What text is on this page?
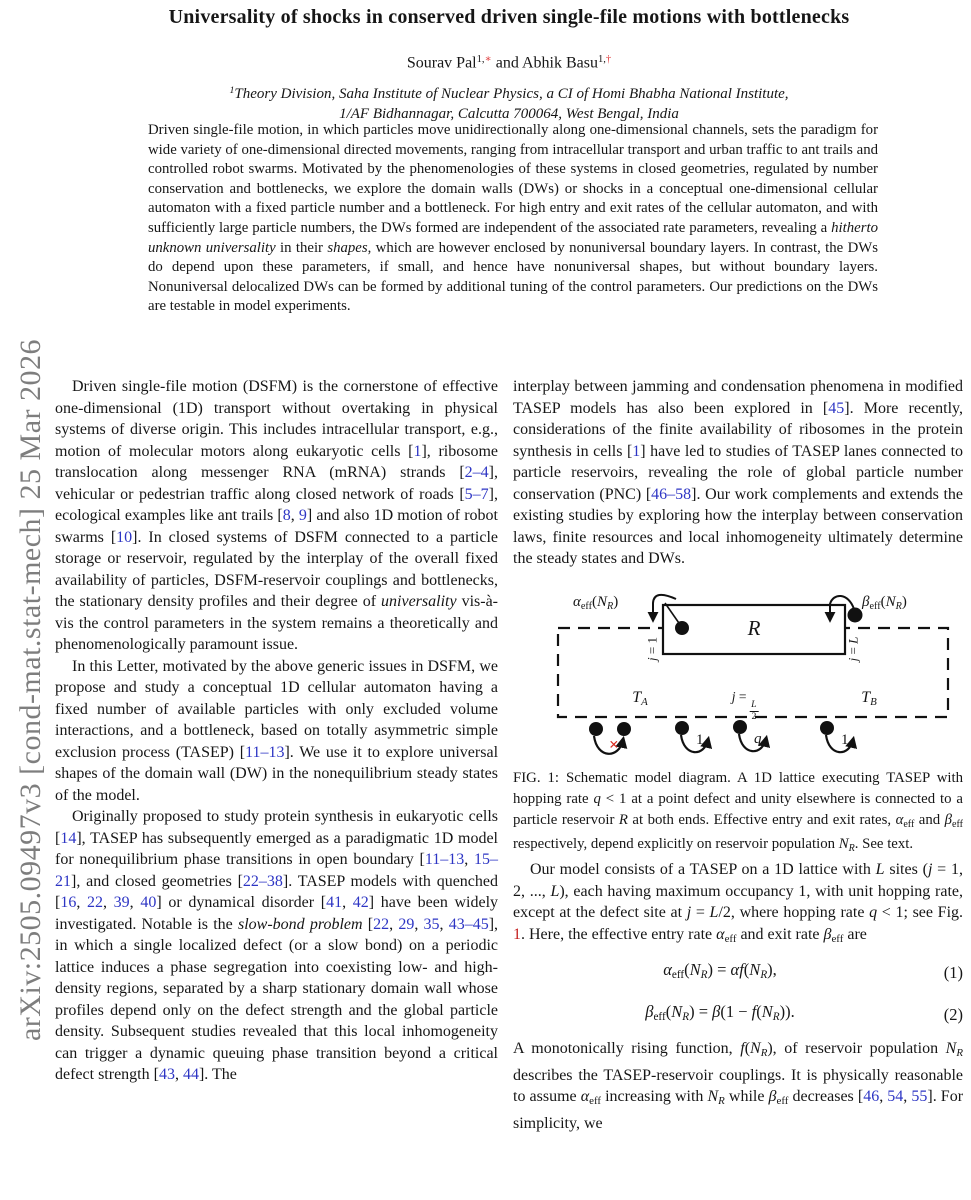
arXiv:2505.09497v3 [cond-mat.stat-mech] 25 Mar 2026
Universality of shocks in conserved driven single-file motions with bottlenecks
Sourav Pal$^{1,∗}$ and Abhik Basu$^{1,\dagger}$
$^1$Theory Division, Saha Institute of Nuclear Physics, a CI of Homi Bhabha National Institute,
1/AF Bidhannagar, Calcutta 700064, West Bengal, India
Driven single-file motion, in which particles move unidirectionally along one-dimensional channels, sets the paradigm for wide variety of one-dimensional directed movements, ranging from intracellular transport and urban traffic to ant trails and controlled robot swarms. Motivated by the phenomenologies of these systems in closed geometries, regulated by number conservation and bottlenecks, we explore the domain walls (DWs) or shocks in a conceptual one-dimensional cellular automaton with a fixed particle number and a bottleneck. For high entry and exit rates of the cellular automaton, and with sufficiently large particle numbers, the DWs formed are independent of the associated rate parameters, revealing a hitherto unknown universality in their shapes, which are however enclosed by nonuniversal boundary layers. In contrast, the DWs do depend upon these parameters, if small, and hence have nonuniversal shapes, but without boundary layers. Nonuniversal delocalized DWs can be formed by additional tuning of the control parameters. Our predictions on the DWs are testable in model experiments.

Driven single-file motion (DSFM) is the cornerstone of effective one-dimensional (1D) transport without overtaking in physical systems of diverse origin. This includes intracellular transport, e.g., motion of molecular motors along eukaryotic cells [1], ribosome translocation along messenger RNA (mRNA) strands [2–4], vehicular or pedestrian traffic along closed network of roads [5–7], ecological examples like ant trails [8, 9] and also 1D motion of robot swarms [10]. In closed systems of DSFM connected to a particle storage or reservoir, regulated by the interplay of the overall fixed availability of particles, DSFM-reservoir couplings and bottlenecks, the stationary density profiles and their degree of universality vis-à-vis the control parameters in the system remains a theoretically and phenomenologically paramount issue.

In this Letter, motivated by the above generic issues in DSFM, we propose and study a conceptual 1D cellular automaton having a fixed number of available particles with only excluded volume interactions, and a bottleneck, based on totally asymmetric simple exclusion process (TASEP) [11–13]. We use it to explore universal shapes of the domain wall (DW) in the nonequilibrium steady states of the model.

Originally proposed to study protein synthesis in eukaryotic cells [14], TASEP has subsequently emerged as a paradigmatic 1D model for nonequilibrium phase transitions in open boundary [11–13, 15–21], and closed geometries [22–38]. TASEP models with quenched [16, 22, 39, 40] or dynamical disorder [41, 42] have been widely investigated. Notable is the slow-bond problem [22, 29, 35, 43–45], in which a single localized defect (or a slow bond) on a periodic lattice induces a phase segregation into coexisting low- and high-density regions, separated by a sharp stationary domain wall whose profiles depend only on the defect strength and the global particle density. Subsequent studies revealed that this local inhomogeneity can trigger a dynamic queuing phase transition beyond a critical defect strength [43, 44]. The

interplay between jamming and condensation phenomena in modified TASEP models has also been explored in [45]. More recently, considerations of the finite availability of ribosomes in the protein synthesis in cells [1] have led to studies of TASEP lanes connected to particle reservoirs, revealing the role of global particle number conservation (PNC) [46–58]. Our work complements and extends the existing studies by exploring how the interplay between conservation laws, finite resources and local inhomogeneity ultimately determine the steady states and DWs.

$\alpha_{eff}(NR)$	$\beta_{eff}(NR)$
R
j = 1
j = L
TA	j =
$\frac{L}{2}$
TB
×	1	q	1

FIG. 1: Schematic model diagram. A 1D lattice executing TASEP with hopping rate q < 1 at a point defect and unity elsewhere is connected to a particle reservoir R at both ends. Effective entry and exit rates, $\alpha_{eff}$ and $\beta_{eff}$ respectively, depend explicitly on reservoir population NR. See text.

Our model consists of a TASEP on a 1D lattice with L sites (j = 1, 2, ..., L), each having maximum occupancy 1, with unit hopping rate, except at the defect site at j = L/2, where hopping rate q < 1; see Fig. 1. Here, the effective entry rate $\alpha_{eff}$ and exit rate $\beta_{eff}$ are

$\alpha_{eff}(NR) = \alpha f(NR)$,	(1)
$\beta_{eff}(NR) = \beta(1 - f(NR))$.	(2)

A monotonically rising function, f(NR), of reservoir population NR describes the TASEP-reservoir couplings. It is physically reasonable to assume $\alpha_{eff}$ increasing with NR while $\beta_{eff}$ decreases [46, 54, 55]. For simplicity, we
